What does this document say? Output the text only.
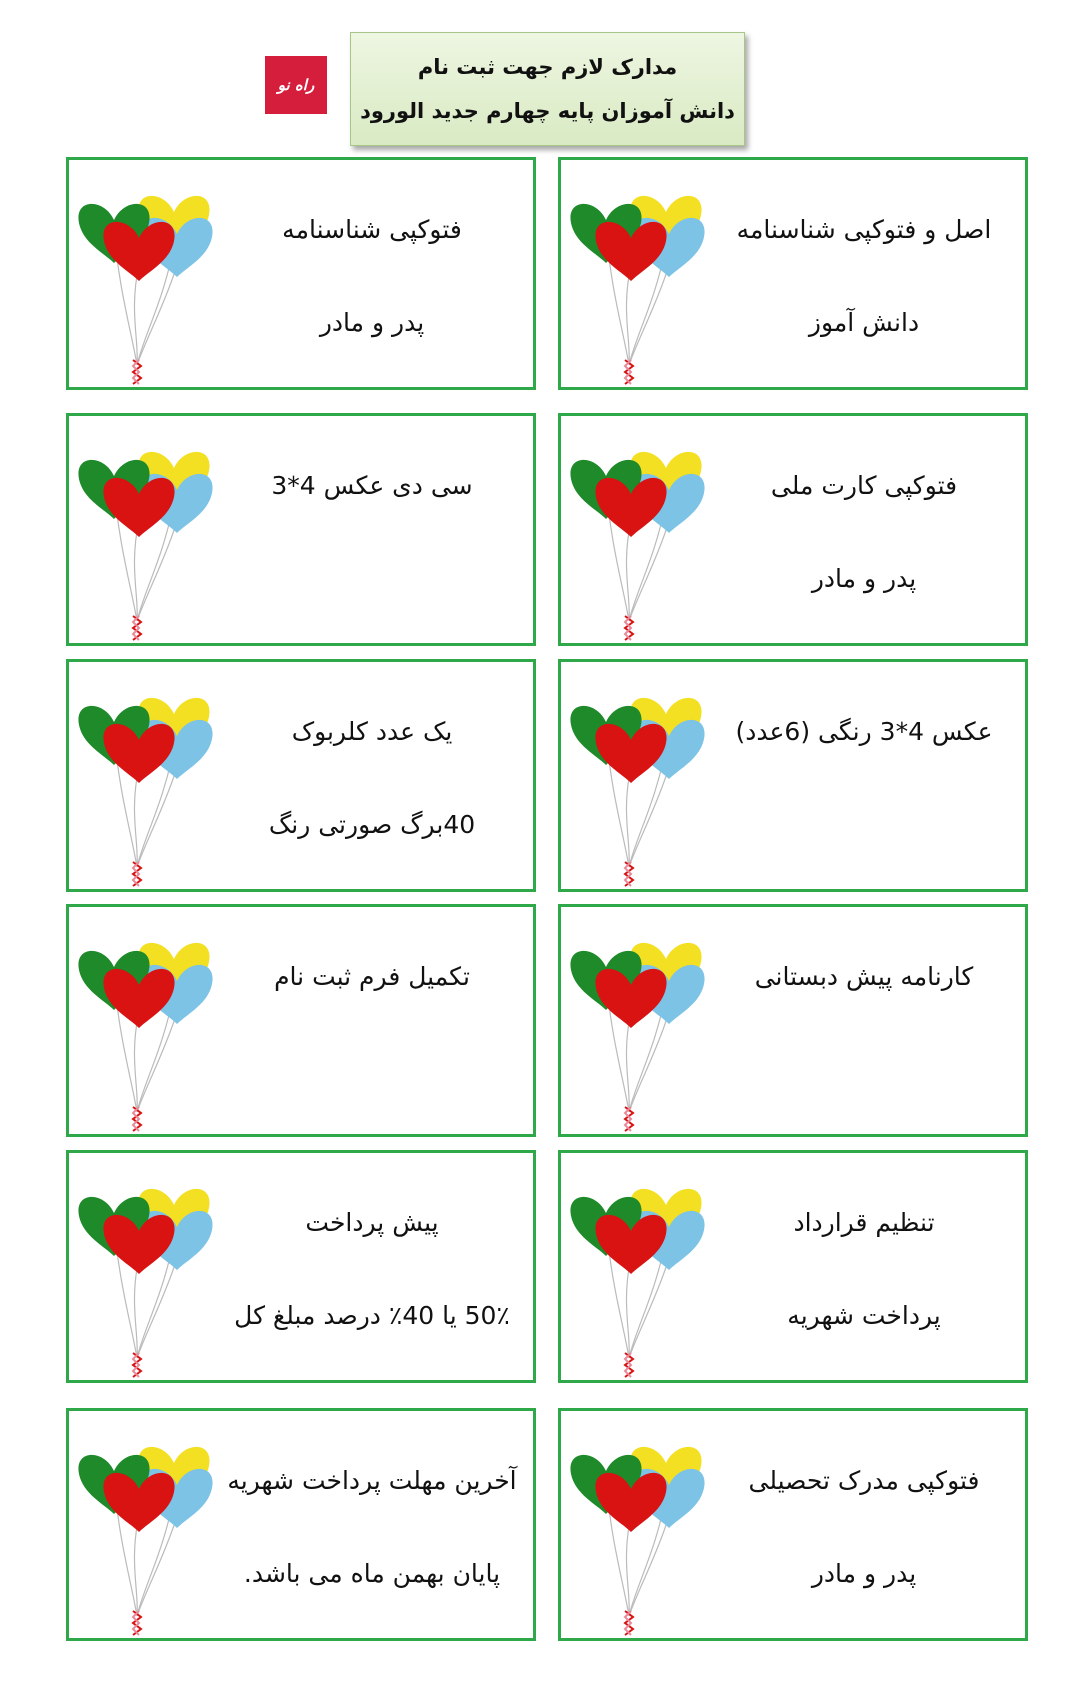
مدارک لازم جهت ثبت نام
دانش آموزان پایه چهارم جدید الورود
راه نو
اصل و فتوکپی شناسنامه
دانش آموز
فتوکپی شناسنامه
پدر و مادر
فتوکپی کارت ملی
پدر و مادر
سی دی عکس 4*3
عکس 4*3 رنگی (6عدد)
یک عدد کلربوک
40برگ صورتی رنگ
کارنامه پیش دبستانی
تکمیل فرم ثبت نام
تنظیم قرارداد
پرداخت شهریه
پیش پرداخت
50٪ یا 40٪ درصد مبلغ کل
فتوکپی مدرک تحصیلی
پدر و مادر
آخرین مهلت پرداخت شهریه
پایان بهمن ماه می باشد.
